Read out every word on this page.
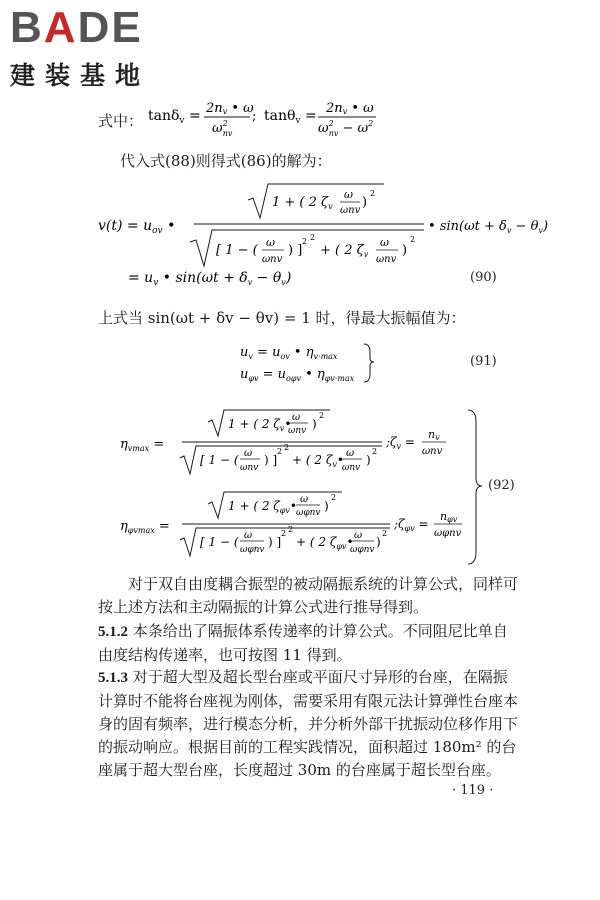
BADE
建装基地
式中： tanδ$_v$ = 2nv • ω
$\omega^2$ nv
; tanθ$_v$ = 2nv • ω
$\omega^2$ nv − $\omega^2$
代入式(88)则得式(86)的解为：
$v(t) = u_{ov}$ •
1 + ( 2 $\zeta_v$
ω
ωnv
)
2
[ 1 − (
ω
ωnv
) ]
2 2
+ ( 2 $\zeta_v$
ω
ωnv
)
2
• $\sin(\omega t + \delta_v - \theta_v)$
= $u_v$ • $\sin(\omega t + \delta_v - \theta_v)$	(90)
上式当 sin(ωt + δv − θv) = 1 时，得最大振幅值为：
$u_v = u_{ov}$ • $\eta_{v\cdot max}$
$u_{\varphi v} = u_{o\varphi v}$ • $\eta_{\varphi v\cdot max}$
(91)
$\eta_{vmax}$ =
1 + ( 2 $\zeta_v•$ ω
ωnv )
2
[ 1 − ( ω
ωnv
) ]
2 2
+ ( 2 $\zeta_v•$ ω
ωnv
)
2
$;\zeta_v$ =
nv
ωnv
$\eta_{\varphi vmax}$ =
1 + ( 2 $\zeta_{\varphi v}•$ ω
ωφnv )
2
[ 1 − ( ω
ωφnv
) ]
2 2
+ ( 2 $\zeta_{\varphi v}•$ ω
ωφnv
)
2
$;\zeta_{\varphi v}$ =
nφv
ωφnv
(92)
对于双自由度耦合振型的被动隔振系统的计算公式，同样可按上述方法和主动隔振的计算公式进行推导得到。
5.1.2 本条给出了隔振体系传递率的计算公式。不同阻尼比单自由度结构传递率，也可按图 11 得到。
5.1.3 对于超大型及超长型台座或平面尺寸异形的台座，在隔振计算时不能将台座视为刚体，需要采用有限元法计算弹性台座本身的固有频率，进行模态分析，并分析外部干扰振动位移作用下的振动响应。根据目前的工程实践情况，面积超过 180m² 的台座属于超大型台座，长度超过 30m 的台座属于超长型台座。
· 119 ·
